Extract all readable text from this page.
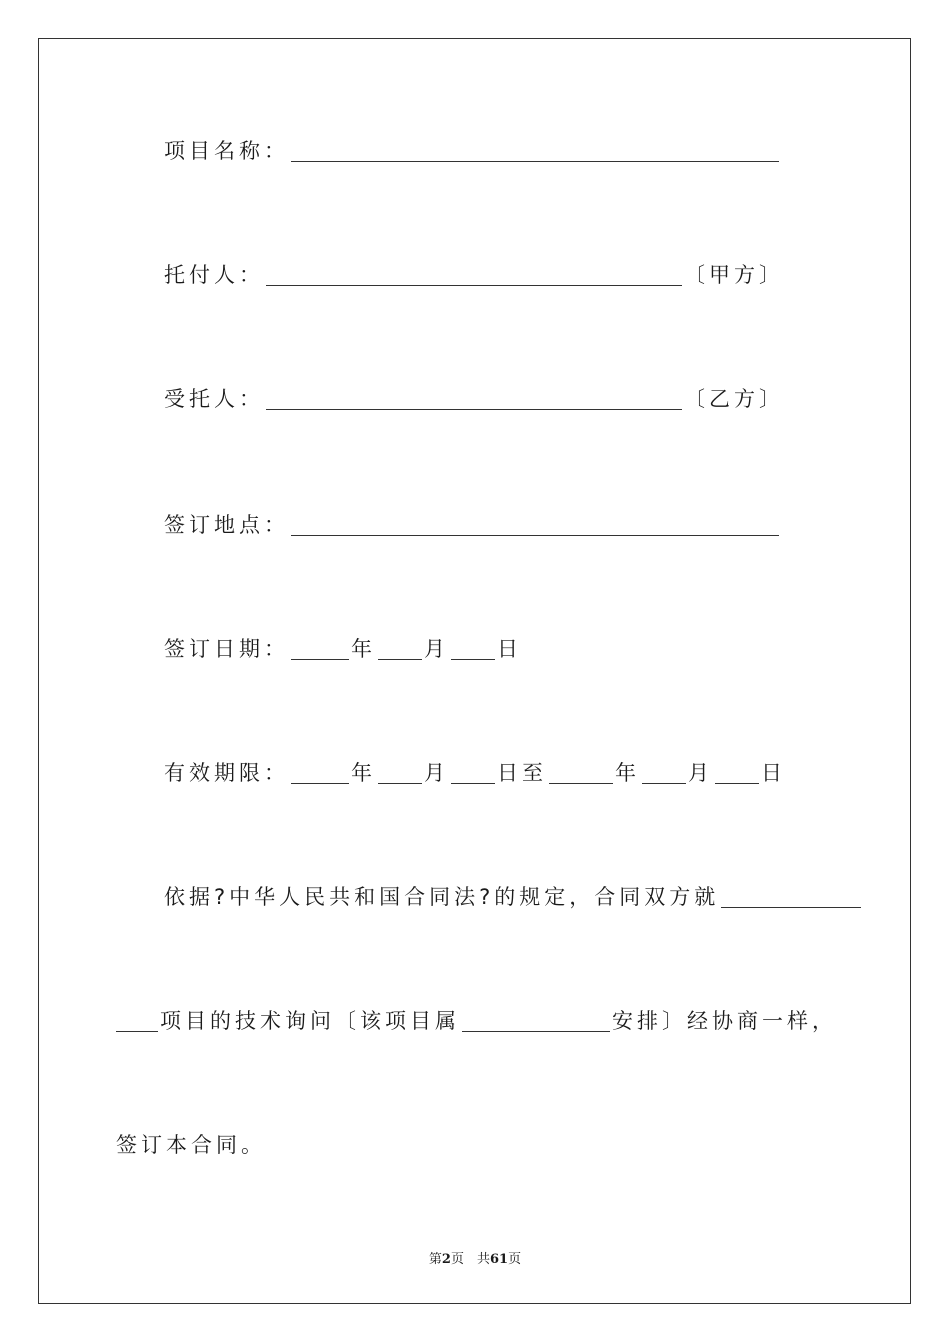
项目名称：
托付人：	〔甲方〕
受托人：	〔乙方〕
签订地点：
签订日期：	年 月 日
有效期限：	年 月 日至	年 月 日
依据?中华人民共和国合同法?的规定，合同双方就
项目的技术询问〔该项目属	安排〕经协商一样，
签订本合同。
第2页　共61页
